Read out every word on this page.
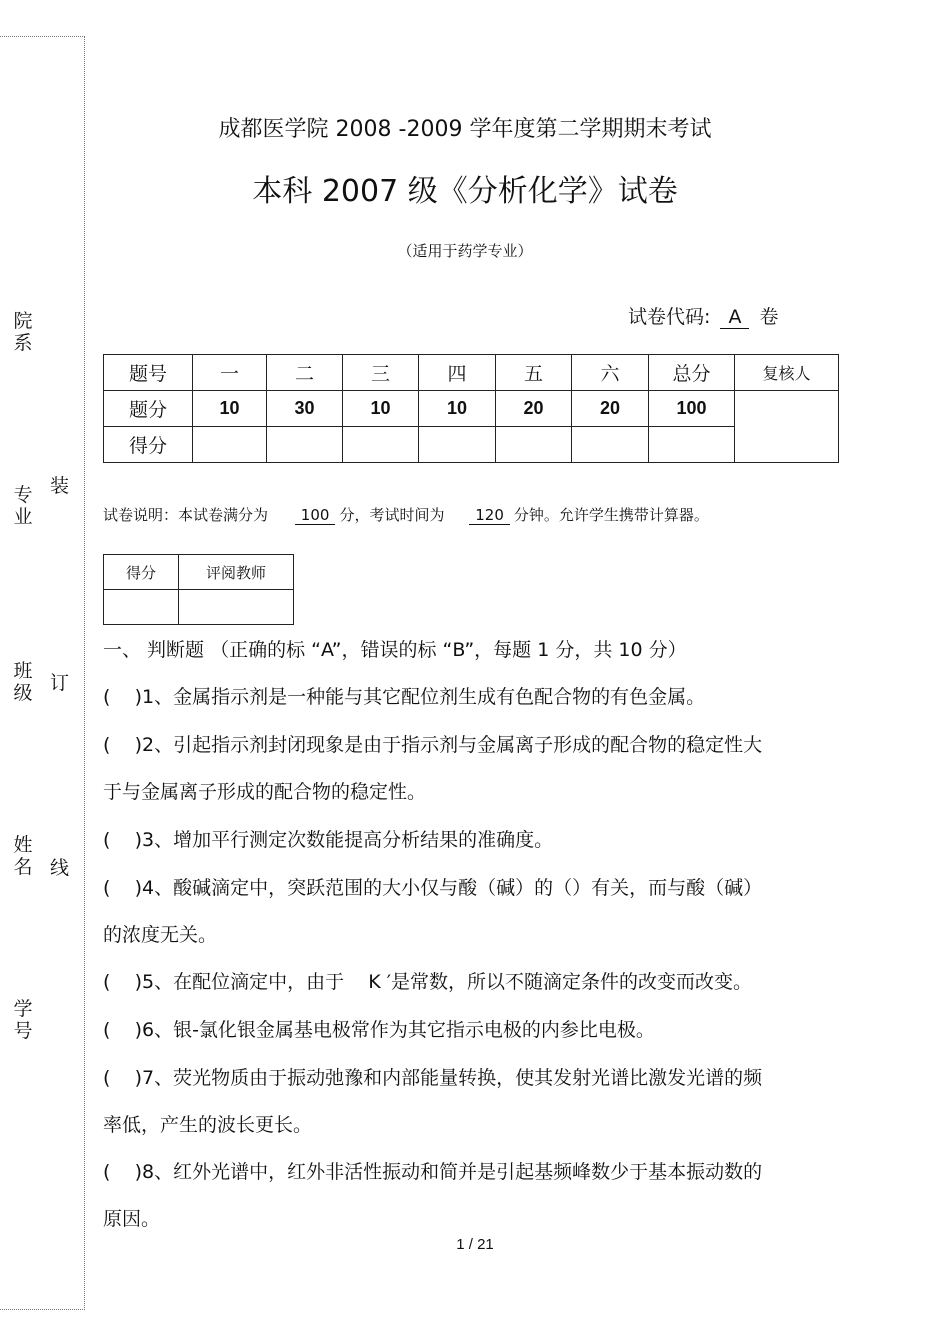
院系
专业
班级
姓名
学号
装
订
线
成都医学院 2008 -2009 学年度第二学期期末考试
本科 2007 级《分析化学》试卷
（适用于药学专业）
试卷代码: A 卷
题号	一	二	三	四	五	六	总分	复核人
题分	10	30	10	10	20	20	100	
得分								
试卷说明：本试卷满分为 100 分，考试时间为 120 分钟。允许学生携带计算器。
得分	评阅教师

一、 判断题 （正确的标 “A”，错误的标 “B”，每题 1 分，共 10 分）
(    )1、金属指示剂是一种能与其它配位剂生成有色配合物的有色金属。
(    )2、引起指示剂封闭现象是由于指示剂与金属离子形成的配合物的稳定性大
于与金属离子形成的配合物的稳定性。
(    )3、增加平行测定次数能提高分析结果的准确度。
(    )4、酸碱滴定中，突跃范围的大小仅与酸（碱）的（）有关，而与酸（碱）
的浓度无关。
(    )5、在配位滴定中，由于    K ′是常数，所以不随滴定条件的改变而改变。
(    )6、银-氯化银金属基电极常作为其它指示电极的内参比电极。
(    )7、荧光物质由于振动弛豫和内部能量转换，使其发射光谱比激发光谱的频
率低，产生的波长更长。
(    )8、红外光谱中，红外非活性振动和简并是引起基频峰数少于基本振动数的
原因。
1 / 21
